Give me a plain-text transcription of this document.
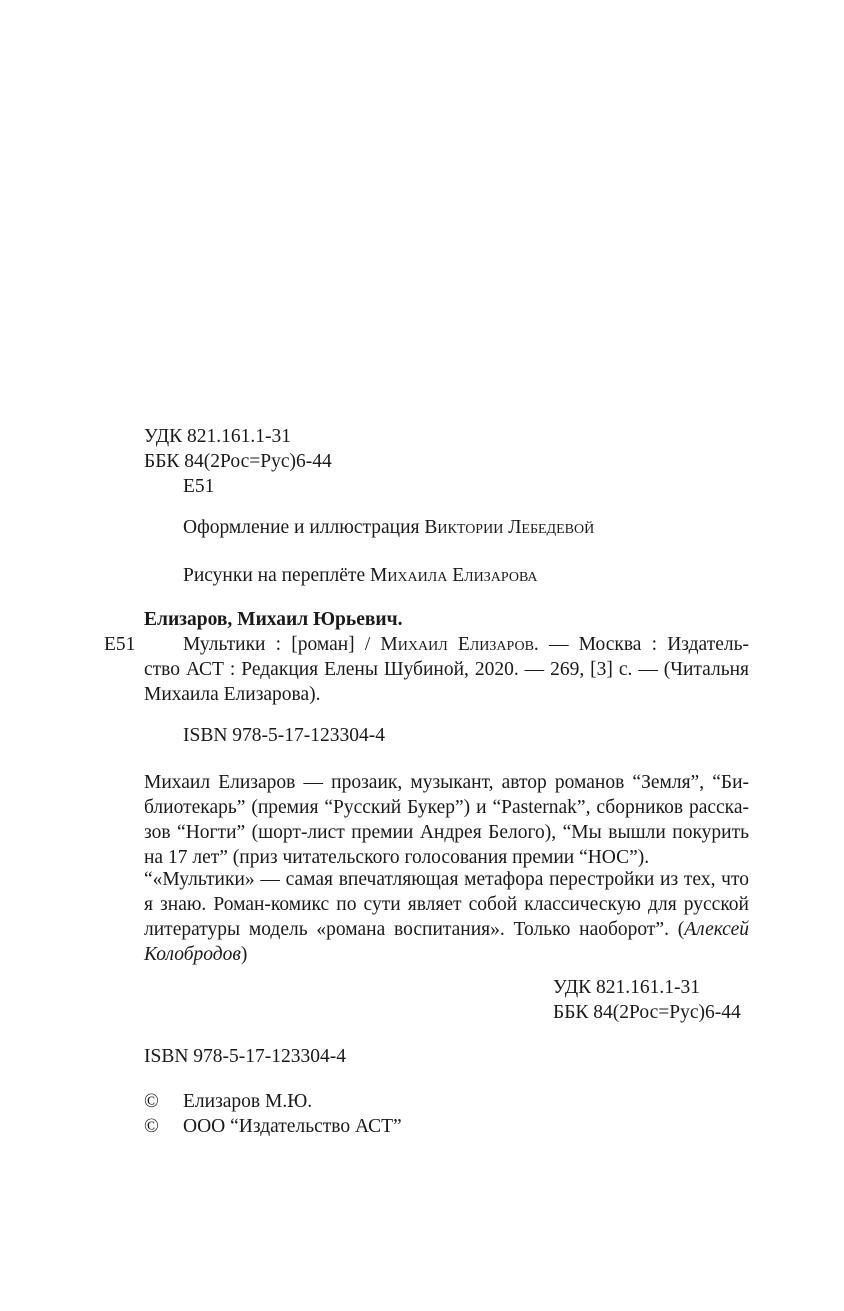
УДК 821.161.1-31
ББК 84(2Рос=Рус)6-44
Е51
Оформление и иллюстрация Виктории Лебедевой
Рисунки на переплёте Михаила Елизарова
Елизаров, Михаил Юрьевич.
Е51 Мультики : [роман] / Михаил Елизаров. — Москва : Издатель-
ство АСТ : Редакция Елены Шубиной, 2020. — 269, [3] с. — (Читальня
Михаила Елизарова).
ISBN 978-5-17-123304-4
Михаил Елизаров — прозаик, музыкант, автор романов “Земля”, “Би-
блиотекарь” (премия “Русский Букер”) и “Pasternak”, сборников расска-
зов “Ногти” (шорт-лист премии Андрея Белого), “Мы вышли покурить
на 17 лет” (приз читательского голосования премии “НОС”).
“«Мультики» — самая впечатляющая метафора перестройки из тех, что
я знаю. Роман-комикс по сути являет собой классическую для русской
литературы модель «романа воспитания». Только наоборот”. (Алексей
Колобродов)
УДК 821.161.1-31
ББК 84(2Рос=Рус)6-44
ISBN 978-5-17-123304-4
© Елизаров М.Ю.
© ООО “Издательство АСТ”
